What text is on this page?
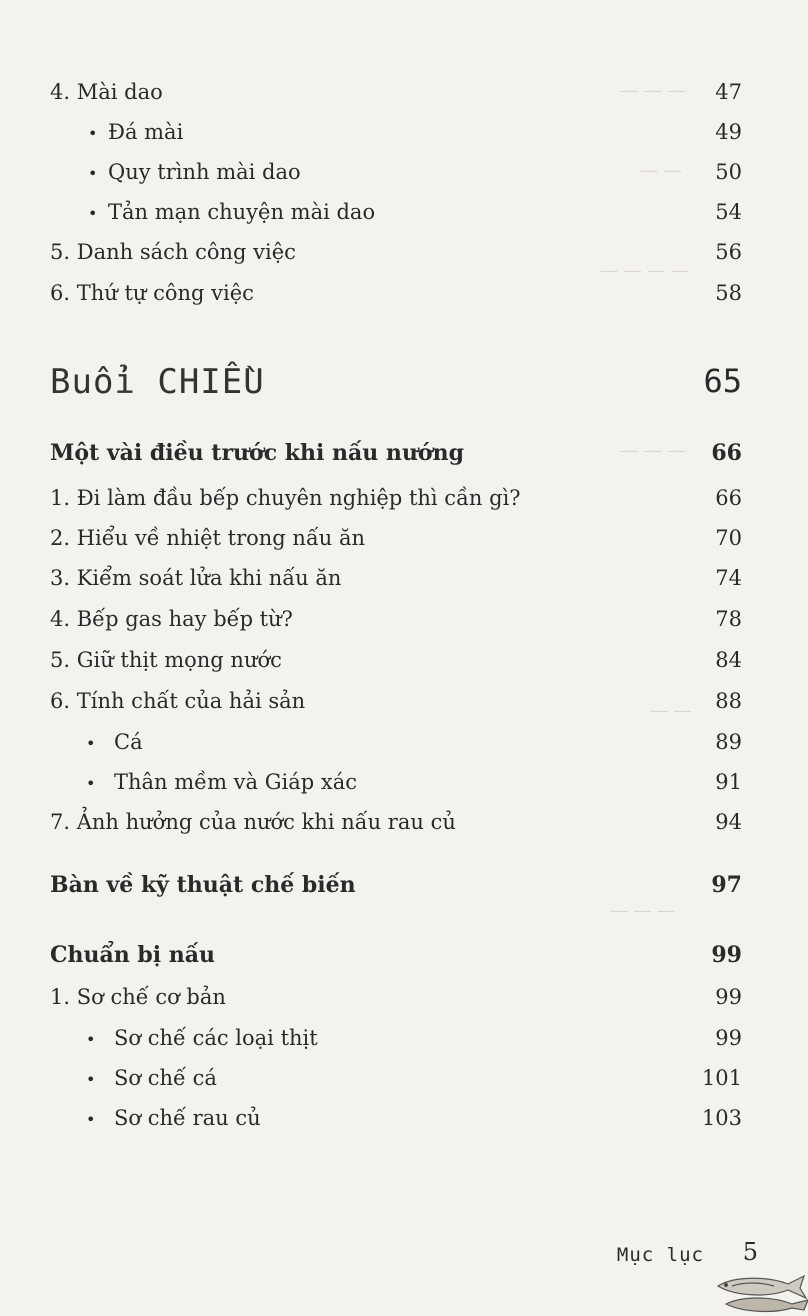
— — —
— —
— — — —
— — —
— —
— — —
4. Mài dao	47
• Đá mài	49
• Quy trình mài dao	50
• Tản mạn chuyện mài dao	54
5. Danh sách công việc	56
6. Thứ tự công việc	58
Buổi CHIỀU	65
Một vài điều trước khi nấu nướng	66
1. Đi làm đầu bếp chuyên nghiệp thì cần gì?	66
2. Hiểu về nhiệt trong nấu ăn	70
3. Kiểm soát lửa khi nấu ăn	74
4. Bếp gas hay bếp từ?	78
5. Giữ thịt mọng nước	84
6. Tính chất của hải sản	88
• Cá	89
• Thân mềm và Giáp xác	91
7. Ảnh hưởng của nước khi nấu rau củ	94
Bàn về kỹ thuật chế biến	97
Chuẩn bị nấu	99
1. Sơ chế cơ bản	99
• Sơ chế các loại thịt	99
• Sơ chế cá	101
• Sơ chế rau củ	103
Mục lục 5
